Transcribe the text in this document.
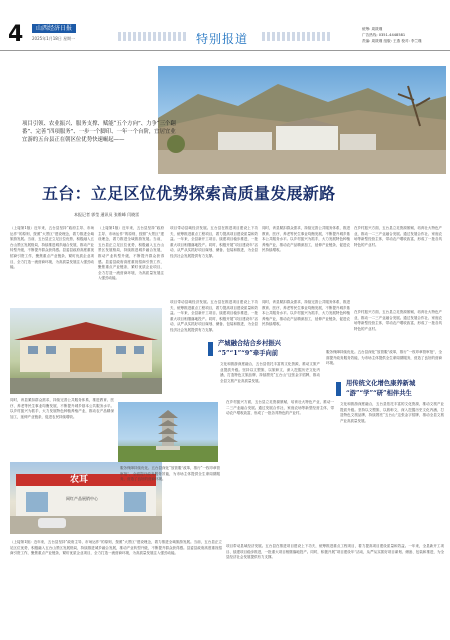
4	山西经济日报
2025年1月18日 星期一	特别报道
统筹: 周筱瑾
广告热线: 0351-4448581
责编: 周筱瑾 组版: 王燕 校对: 李兰瑾
项目引领、农业振兴、服务支撑、赋能“五个方向”、力争“三个翻番”、完善“四项服务”、一步一个脚印、一年一个台阶，宜居宜业宜游的五台县正在朝区位优势快速崛起——
五台：立足区位优势探索高质量发展新路
本报记者 郭莹 通讯员 张维峰 闫晓雷
（上接第1版）近年来，五台县坚持“政府主导、市场运作”的原则，按照“大景区”建设理念，着力推进全域旅游发展。当前，五台县正立足区位优势，积极融入五台山景区发展格局，持续推进城乡融合发展，推动产业转型升级，不断提升群众获得感。县委县政府高度重视招商引资工作，聚焦重点产业链条，紧盯优质企业项目，全力打造一流营商环境，为高质量发展注入强劲动能。
（上接第1版）近年来，五台县坚持“政府主导、市场运作”的原则，按照“大景区”建设理念，着力推进全域旅游发展。当前，五台县正立足区位优势，积极融入五台山景区发展格局，持续推进城乡融合发展，推动产业转型升级，不断提升群众获得感。县委县政府高度重视招商引资工作，聚焦重点产业链条，紧盯优质企业项目，全力打造一流营商环境，为高质量发展注入强劲动能。
项目带动县域经济发展。五台县在推进项目建设上下功夫，统筹推进重点工程项目，着力提高项目建设质量和效益。一年来，全县新开工项目、续建项目稳步推进，一批重大项目相继落地投产。同时，积极开展“项目建设年”活动，从严从实抓好项目谋划、储备、包装和推进，为全县经济社会发展提供有力支撑。
同时，该县紧扣群众需求，持续完善公共服务体系，推进教育、医疗、养老等民生事业均衡发展，不断提升城乡基本公共服务水平。以乡村振兴为抓手，大力发展特色种植养殖产业，推动农产品精深加工，延伸产业链条，促进农民持续增收。
在乡村振兴方面，五台县立足资源禀赋，培育壮大特色产业，推动一二三产业融合发展。通过发展合作社、家庭农场等新型经营主体，带动农户增收致富，形成了一批各具特色的产业村。
产城融合结合乡村振兴
“5”“1”“9”牵手向前
项目带动县域经济发展。五台县在推进项目建设上下功夫，统筹推进重点工程项目，着力提高项目建设质量和效益。一年来，全县新开工项目、续建项目稳步推进，一批重大项目相继落地投产。同时，积极开展“项目建设年”活动，从严从实抓好项目谋划、储备、包装和推进，为全县经济社会发展提供有力支撑。
同时，该县紧扣群众需求，持续完善公共服务体系，推进教育、医疗、养老等民生事业均衡发展，不断提升城乡基本公共服务水平。以乡村振兴为抓手，大力发展特色种植养殖产业，推动农产品精深加工，延伸产业链条，促进农民持续增收。
在乡村振兴方面，五台县立足资源禀赋，培育壮大特色产业，推动一二三产业融合发展。通过发展合作社、家庭农场等新型经营主体，带动农户增收致富，形成了一批各具特色的产业村。
文化和旅游深度融合，五台县依托丰富的文化资源，推动文旅产业提质升级。坚持以文塑旅、以旅彰文，深入挖掘历史文化内涵，打造特色文旅品牌，持续擦亮“五台山”这张金字招牌，推动全县文旅产业高质量发展。
服务保障持续优化。五台县深化“放管服”改革，推行“一枚印章管审批”，全面提升政务服务效能，为市场主体提供全生命周期服务，营造了良好的营商环境。
用传统文化增色康养新城
“游”“学”“研”相伴共生
同时，该县紧扣群众需求，持续完善公共服务体系，推进教育、医疗、养老等民生事业均衡发展，不断提升城乡基本公共服务水平。以乡村振兴为抓手，大力发展特色种植养殖产业，推动农产品精深加工，延伸产业链条，促进农民持续增收。
在乡村振兴方面，五台县立足资源禀赋，培育壮大特色产业，推动一二三产业融合发展。通过发展合作社、家庭农场等新型经营主体，带动农户增收致富，形成了一批各具特色的产业村。
文化和旅游深度融合，五台县依托丰富的文化资源，推动文旅产业提质升级。坚持以文塑旅、以旅彰文，深入挖掘历史文化内涵，打造特色文旅品牌，持续擦亮“五台山”这张金字招牌，推动全县文旅产业高质量发展。
农耳
网红产品展销中心
服务保障持续优化。五台县深化“放管服”改革，推行“一枚印章管审批”，全面提升政务服务效能，为市场主体提供全生命周期服务，营造了良好的营商环境。
（上接第1版）近年来，五台县坚持“政府主导、市场运作”的原则，按照“大景区”建设理念，着力推进全域旅游发展。当前，五台县正立足区位优势，积极融入五台山景区发展格局，持续推进城乡融合发展，推动产业转型升级，不断提升群众获得感。县委县政府高度重视招商引资工作，聚焦重点产业链条，紧盯优质企业项目，全力打造一流营商环境，为高质量发展注入强劲动能。
项目带动县域经济发展。五台县在推进项目建设上下功夫，统筹推进重点工程项目，着力提高项目建设质量和效益。一年来，全县新开工项目、续建项目稳步推进，一批重大项目相继落地投产。同时，积极开展“项目建设年”活动，从严从实抓好项目谋划、储备、包装和推进，为全县经济社会发展提供有力支撑。
